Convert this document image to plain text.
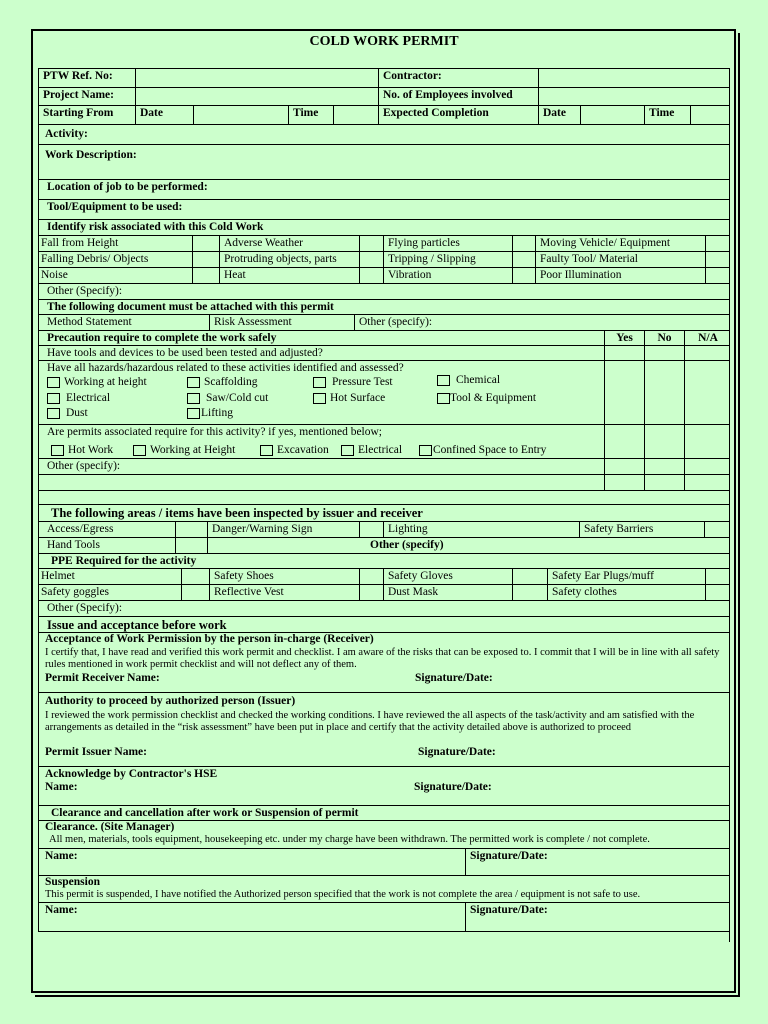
COLD WORK PERMIT
PTW Ref. No:	Contractor:
Project Name:	No. of Employees involved
Starting From	Date	Time	Expected Completion	Date	Time
Activity:
Work Description:
Location of job to be performed:
Tool/Equipment to be used:
Identify risk associated with this Cold Work
Fall from Height	Adverse Weather	Flying particles	Moving Vehicle/ Equipment
Falling Debris/ Objects	Protruding objects, parts	Tripping / Slipping	Faulty Tool/ Material
Noise	Heat	Vibration	Poor Illumination
Other (Specify):
The following document must be attached with this permit
Method Statement	Risk Assessment	Other (specify):
Precaution require to complete the work safely	Yes	No	N/A
Have tools and devices to be used been tested and adjusted?
Have all hazards/hazardous related to these activities identified and assessed?
Working at height	Scaffolding	Pressure Test	Chemical
Electrical	Saw/Cold cut	Hot Surface	Tool & Equipment
Dust	Lifting
Are permits associated require for this activity? if yes, mentioned below;
Hot Work	Working at Height	Excavation	Electrical	Confined Space to Entry
Other (specify):
The following areas / items have been inspected by issuer and receiver
Access/Egress	Danger/Warning Sign	Lighting	Safety Barriers
Hand Tools	Other (specify)
PPE Required for the activity
Helmet	Safety Shoes	Safety Gloves	Safety Ear Plugs/muff
Safety goggles	Reflective Vest	Dust Mask	Safety clothes
Other (Specify):
Issue and acceptance before work
Acceptance of Work Permission by the person in-charge (Receiver)
I certify that, I have read and verified this work permit and checklist. I am aware of the risks that can be exposed to. I commit that I will be in line with all safety rules mentioned in work permit checklist and will not deflect any of them.
Permit Receiver Name:	Signature/Date:
Authority to proceed by authorized person (Issuer)
I reviewed the work permission checklist and checked the working conditions. I have reviewed the all aspects of the task/activity and am satisfied with the arrangements as detailed in the “risk assessment” have been put in place and certify that the activity detailed above is authorized to proceed
Permit Issuer Name:	Signature/Date:
Acknowledge by Contractor's HSE
Name:	Signature/Date:
Clearance and cancellation after work or Suspension of permit
Clearance. (Site Manager)
All men, materials, tools equipment, housekeeping etc. under my charge have been withdrawn. The permitted work is complete / not complete.
Name:	Signature/Date:
Suspension
This permit is suspended, I have notified the Authorized person specified that the work is not complete the area / equipment is not safe to use.
Name:	Signature/Date:
